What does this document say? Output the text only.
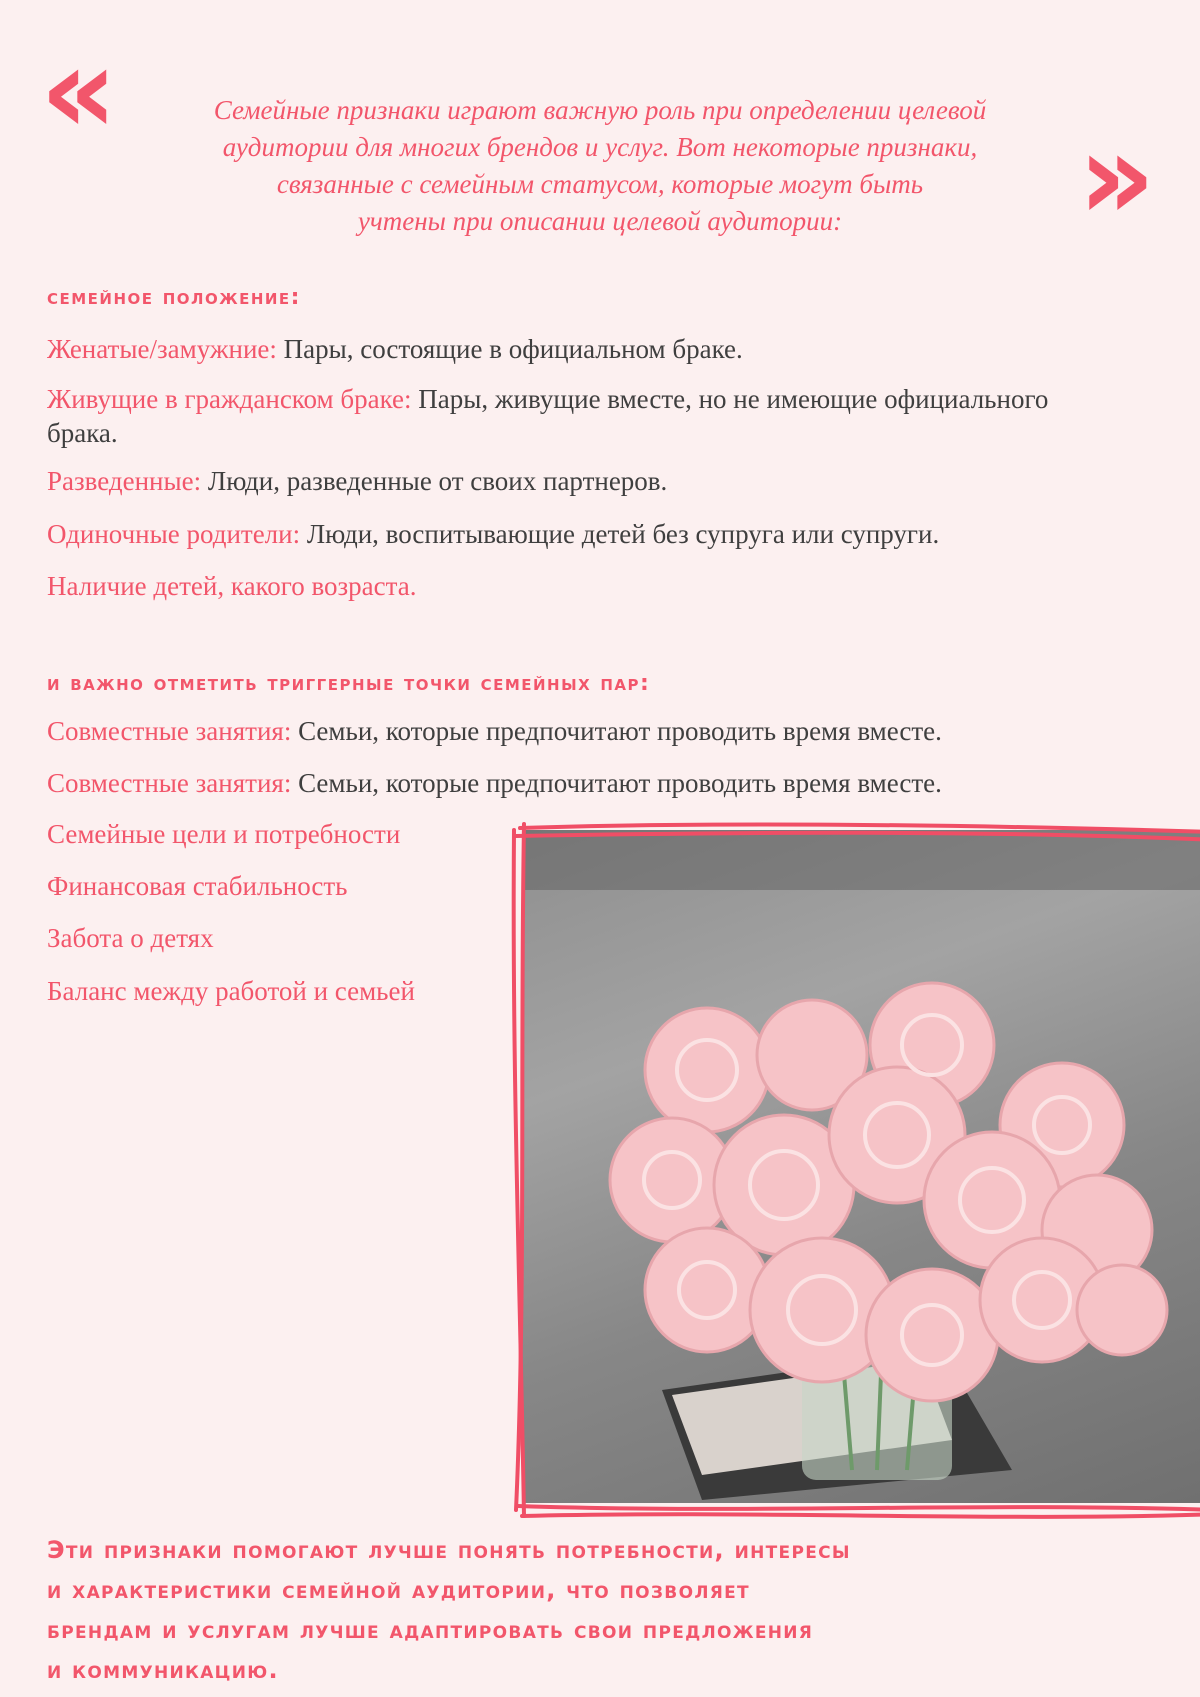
«
»
Семейные признаки играют важную роль при определении целевой
аудитории для многих брендов и услуг. Вот некоторые признаки,
связанные с семейным статусом, которые могут быть
учтены при описании целевой аудитории:
семейное положение:
Женатые/замужние: Пары, состоящие в официальном браке.
Живущие в гражданском браке: Пары, живущие вместе, но не имеющие официального брака.
Разведенные: Люди, разведенные от своих партнеров.
Одиночные родители: Люди, воспитывающие детей без супруга или супруги.
Наличие детей, какого возраста.
и важно отметить триггерные точки семейных пар:
Совместные занятия: Семьи, которые предпочитают проводить время вместе.
Совместные занятия: Семьи, которые предпочитают проводить время вместе.
Семейные цели и потребности
Финансовая стабильность
Забота о детях
Баланс между работой и семьей
Эти признаки помогают лучше понять потребности, интересы
и характеристики семейной аудитории, что позволяет
брендам и услугам лучше адаптировать свои предложения
и коммуникацию.
